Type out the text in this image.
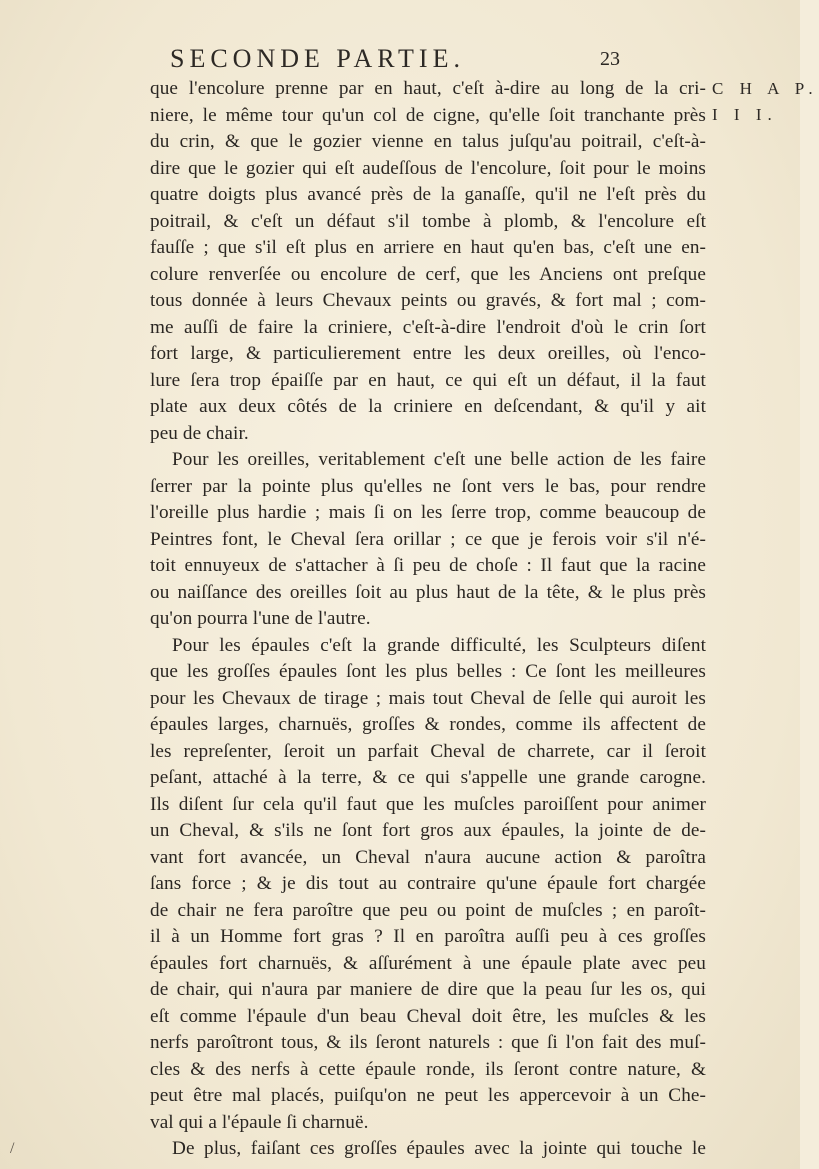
SECONDE PARTIE.	23
C H A P.
I I I.
que l'encolure prenne par en haut, c'eſt à-dire au long de la cri-
niere, le même tour qu'un col de cigne, qu'elle ſoit tranchante près
du crin, & que le gozier vienne en talus juſqu'au poitrail, c'eſt-à-
dire que le gozier qui eſt audeſſous de l'encolure, ſoit pour le moins
quatre doigts plus avancé près de la ganaſſe, qu'il ne l'eſt près du
poitrail, & c'eſt un défaut s'il tombe à plomb, & l'encolure eſt
fauſſe ; que s'il eſt plus en arriere en haut qu'en bas, c'eſt une en-
colure renverſée ou encolure de cerf, que les Anciens ont preſque
tous donnée à leurs Chevaux peints ou gravés, & fort mal ; com-
me auſſi de faire la criniere, c'eſt-à-dire l'endroit d'où le crin ſort
fort large, & particulierement entre les deux oreilles, où l'enco-
lure ſera trop épaiſſe par en haut, ce qui eſt un défaut, il la faut
plate aux deux côtés de la criniere en deſcendant, & qu'il y ait
peu de chair.
Pour les oreilles, veritablement c'eſt une belle action de les faire
ſerrer par la pointe plus qu'elles ne ſont vers le bas, pour rendre
l'oreille plus hardie ; mais ſi on les ſerre trop, comme beaucoup de
Peintres font, le Cheval ſera orillar ; ce que je ferois voir s'il n'é-
toit ennuyeux de s'attacher à ſi peu de choſe : Il faut que la racine
ou naiſſance des oreilles ſoit au plus haut de la tête, & le plus près
qu'on pourra l'une de l'autre.
Pour les épaules c'eſt la grande difficulté, les Sculpteurs diſent
que les groſſes épaules ſont les plus belles : Ce ſont les meilleures
pour les Chevaux de tirage ; mais tout Cheval de ſelle qui auroit les
épaules larges, charnuës, groſſes & rondes, comme ils affectent de
les repreſenter, ſeroit un parfait Cheval de charrete, car il ſeroit
peſant, attaché à la terre, & ce qui s'appelle une grande carogne.
Ils diſent ſur cela qu'il faut que les muſcles paroiſſent pour animer
un Cheval, & s'ils ne ſont fort gros aux épaules, la jointe de de-
vant fort avancée, un Cheval n'aura aucune action & paroîtra
ſans force ; & je dis tout au contraire qu'une épaule fort chargée
de chair ne fera paroître que peu ou point de muſcles ; en paroît-
il à un Homme fort gras ? Il en paroîtra auſſi peu à ces groſſes
épaules fort charnuës, & aſſurément à une épaule plate avec peu
de chair, qui n'aura par maniere de dire que la peau ſur les os, qui
eſt comme l'épaule d'un beau Cheval doit être, les muſcles & les
nerfs paroîtront tous, & ils ſeront naturels : que ſi l'on fait des muſ-
cles & des nerfs à cette épaule ronde, ils ſeront contre nature, &
peut être mal placés, puiſqu'on ne peut les appercevoir à un Che-
val qui a l'épaule ſi charnuë.
De plus, faiſant ces groſſes épaules avec la jointe qui touche le
/
